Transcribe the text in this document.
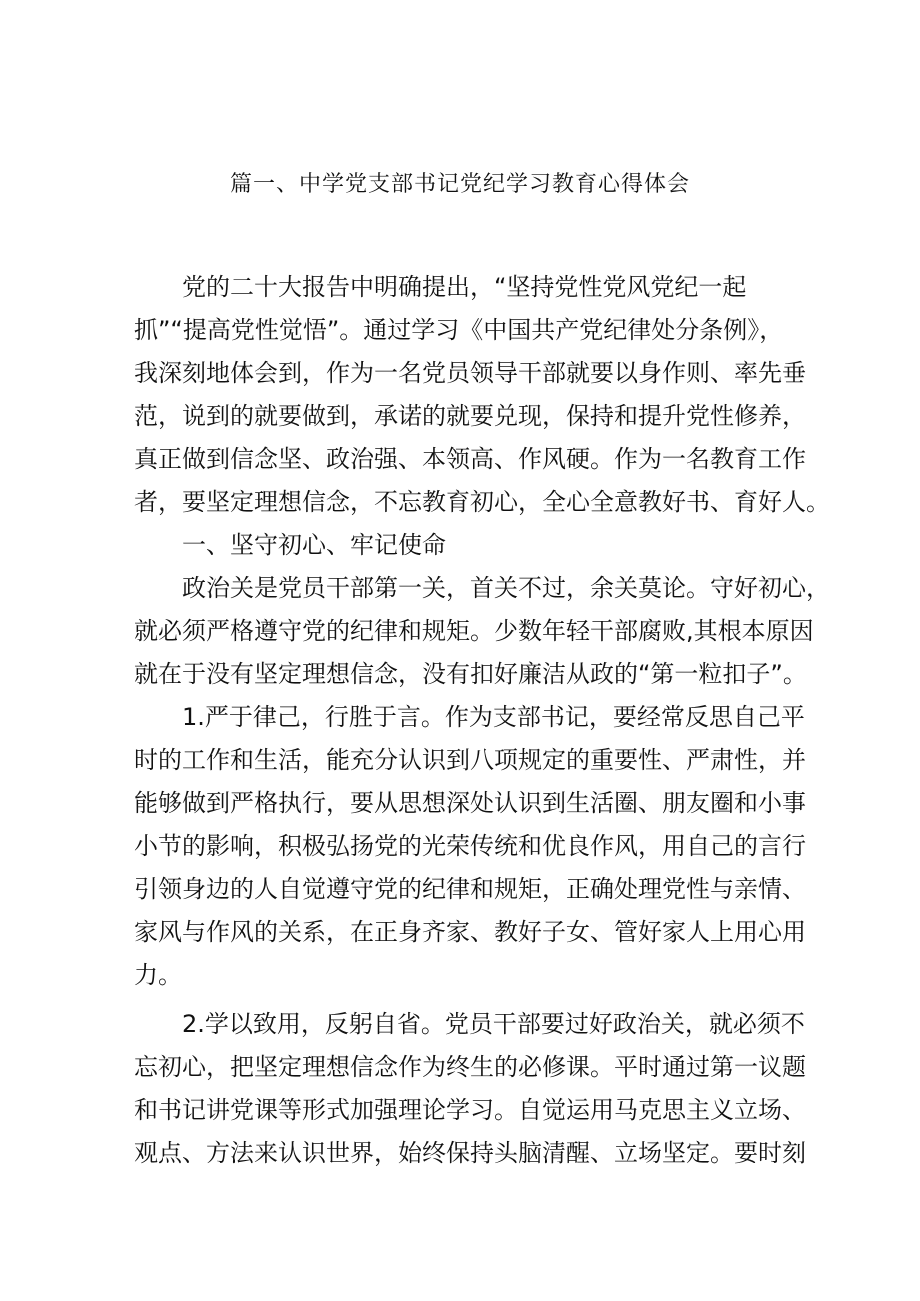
篇一、中学党支部书记党纪学习教育心得体会
党的二十大报告中明确提出，“坚持党性党风党纪一起
抓”“提高党性觉悟”。通过学习《中国共产党纪律处分条例》，
我深刻地体会到，作为一名党员领导干部就要以身作则、率先垂
范，说到的就要做到，承诺的就要兑现，保持和提升党性修养，
真正做到信念坚、政治强、本领高、作风硬。作为一名教育工作
者，要坚定理想信念，不忘教育初心，全心全意教好书、育好人。
一、坚守初心、牢记使命
政治关是党员干部第一关，首关不过，余关莫论。守好初心，
就必须严格遵守党的纪律和规矩。少数年轻干部腐败,其根本原因
就在于没有坚定理想信念，没有扣好廉洁从政的“第一粒扣子”。
1.严于律己，行胜于言。作为支部书记，要经常反思自己平
时的工作和生活，能充分认识到八项规定的重要性、严肃性，并
能够做到严格执行，要从思想深处认识到生活圈、朋友圈和小事
小节的影响，积极弘扬党的光荣传统和优良作风，用自己的言行
引领身边的人自觉遵守党的纪律和规矩，正确处理党性与亲情、
家风与作风的关系，在正身齐家、教好子女、管好家人上用心用
力。
2.学以致用，反躬自省。党员干部要过好政治关，就必须不
忘初心，把坚定理想信念作为终生的必修课。平时通过第一议题
和书记讲党课等形式加强理论学习。自觉运用马克思主义立场、
观点、方法来认识世界，始终保持头脑清醒、立场坚定。要时刻
